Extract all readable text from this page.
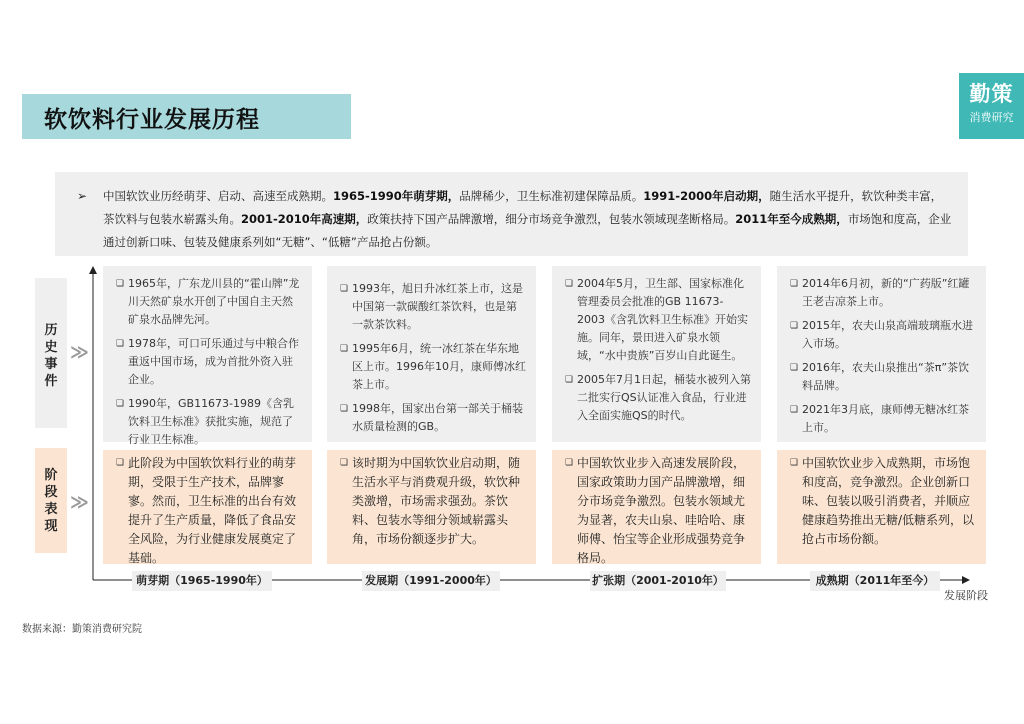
软饮料行业发展历程
勤策
消费研究
➢ 中国软饮业历经萌芽、启动、高速至成熟期。1965-1990年萌芽期，品牌稀少，卫生标准初建保障品质。1991-2000年启动期，随生活水平提升，软饮种类丰富，茶饮料与包装水崭露头角。2001-2010年高速期，政策扶持下国产品牌激增，细分市场竞争激烈，包装水领域现垄断格局。2011年至今成熟期，市场饱和度高，企业通过创新口味、包装及健康系列如“无糖”、“低糖”产品抢占份额。
历
史
事
件
≫
阶
段
表
现
≫
发展阶段
❏ 1965年，广东龙川县的“霍山牌”龙川天然矿泉水开创了中国自主天然矿泉水品牌先河。
❏ 1978年，可口可乐通过与中粮合作重返中国市场，成为首批外资入驻企业。
❏ 1990年，GB11673-1989《含乳饮料卫生标准》获批实施，规范了行业卫生标准。
❏ 此阶段为中国软饮料行业的萌芽期，受限于生产技术，品牌寥寥。然而，卫生标准的出台有效提升了生产质量，降低了食品安全风险，为行业健康发展奠定了基础。
萌芽期（1965-1990年）
❏ 1993年，旭日升冰红茶上市，这是中国第一款碳酸红茶饮料，也是第一款茶饮料。
❏ 1995年6月，统一冰红茶在华东地区上市。1996年10月，康师傅冰红茶上市。
❏ 1998年，国家出台第一部关于桶装水质量检测的GB。
❏ 该时期为中国软饮业启动期，随生活水平与消费观升级，软饮种类激增，市场需求强劲。茶饮料、包装水等细分领域崭露头角，市场份额逐步扩大。
发展期（1991-2000年）
❏ 2004年5月，卫生部、国家标准化管理委员会批准的GB 11673-2003《含乳饮料卫生标准》开始实施。同年，景田进入矿泉水领域，“水中贵族”百岁山自此诞生。
❏ 2005年7月1日起，桶装水被列入第二批实行QS认证准入食品，行业进入全面实施QS的时代。
❏ 中国软饮业步入高速发展阶段，国家政策助力国产品牌激增，细分市场竞争激烈。包装水领域尤为显著，农夫山泉、哇哈哈、康师傅、怡宝等企业形成强势竞争格局。
扩张期（2001-2010年）
❏ 2014年6月初，新的“广药版”红罐王老吉凉茶上市。
❏ 2015年，农夫山泉高端玻璃瓶水进入市场。
❏ 2016年，农夫山泉推出“茶π”茶饮料品牌。
❏ 2021年3月底，康师傅无糖冰红茶上市。
❏ 中国软饮业步入成熟期，市场饱和度高，竞争激烈。企业创新口味、包装以吸引消费者，并顺应健康趋势推出无糖/低糖系列，以抢占市场份额。
成熟期（2011年至今）
数据来源：勤策消费研究院
